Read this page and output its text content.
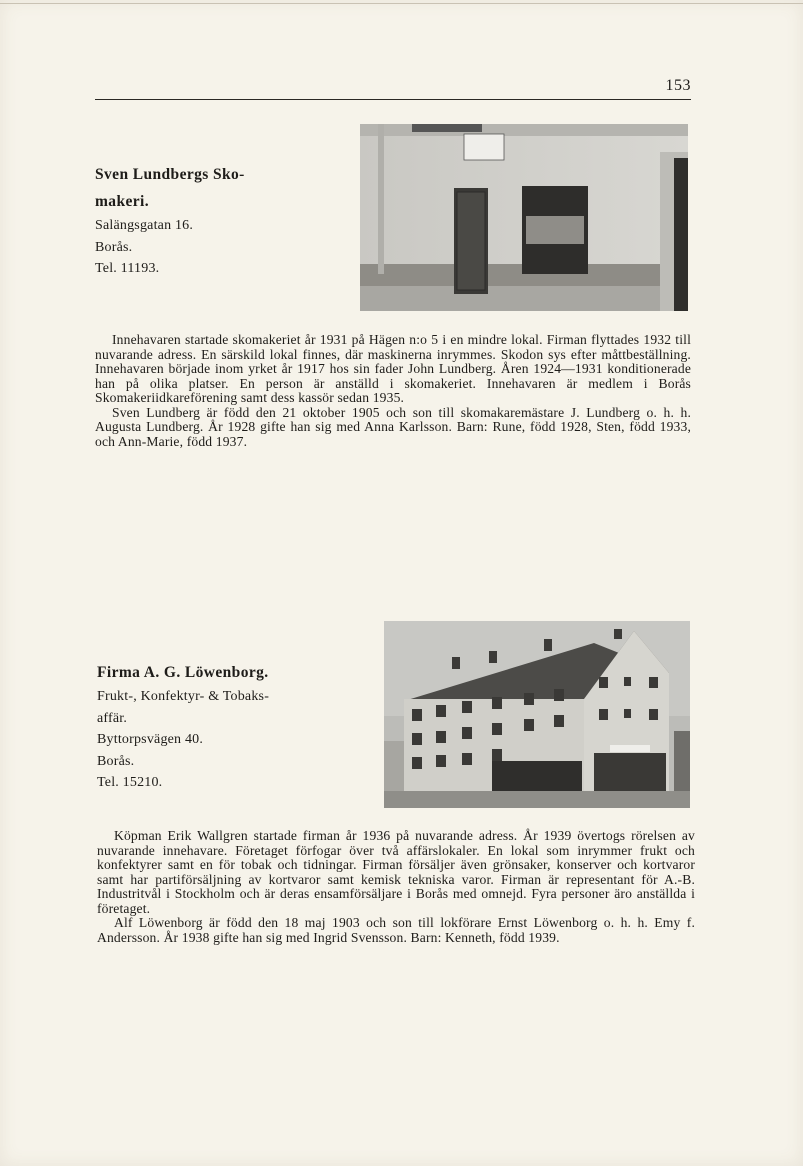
153

Sven Lundbergs Sko-

makeri.

Salängsgatan 16.

Borås.

Tel. 11193.

Innehavaren startade skomakeriet år 1931 på Hägen n:o 5 i en mindre lokal. Firman flyttades 1932 till nuvarande adress. En särskild lokal finnes, där maskinerna inrymmes. Skodon sys efter måttbeställning. Innehavaren började inom yrket år 1917 hos sin fader John Lundberg. Åren 1924—1931 konditionerade han på olika platser. En person är anställd i skomakeriet. Innehavaren är medlem i Borås Skomakeriidkareförening samt dess kassör sedan 1935.

Sven Lundberg är född den 21 oktober 1905 och son till skomakaremästare J. Lundberg o. h. h. Augusta Lundberg. År 1928 gifte han sig med Anna Karlsson. Barn: Rune, född 1928, Sten, född 1933, och Ann-Marie, född 1937.

Firma A. G. Löwenborg.

Frukt-, Konfektyr- & Tobaks-

affär.

Byttorpsvägen 40.

Borås.

Tel. 15210.

Köpman Erik Wallgren startade firman år 1936 på nuvarande adress. År 1939 övertogs rörelsen av nuvarande innehavare. Företaget förfogar över två affärslokaler. En lokal som inrymmer frukt och konfektyrer samt en för tobak och tidningar. Firman försäljer även grönsaker, konserver och kortvaror samt har partiförsäljning av kortvaror samt kemisk tekniska varor. Firman är representant för A.-B. Industritvål i Stockholm och är deras ensamförsäljare i Borås med omnejd. Fyra personer äro anställda i företaget.

Alf Löwenborg är född den 18 maj 1903 och son till lokförare Ernst Löwenborg o. h. h. Emy f. Andersson. År 1938 gifte han sig med Ingrid Svensson. Barn: Kenneth, född 1939.
